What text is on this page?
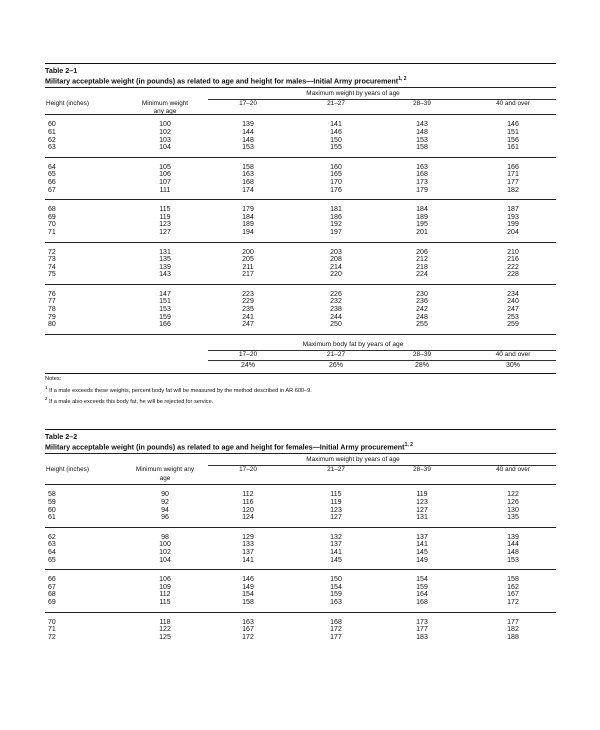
Table 2–1
Military acceptable weight (in pounds) as related to age and height for males—Initial Army procurement$^{1, 2}$
Maximum weight by years of age
Height (inches)	Minimum weight
any age
17–20	21–27	28–39	40 and over
60	100	139	141	143	146
61	102	144	146	148	151
62	103	148	150	153	156
63	104	153	155	158	161
64	105	158	160	163	166
65	106	163	165	168	171
66	107	168	170	173	177
67	111	174	176	179	182
68	115	179	181	184	187
69	119	184	186	189	193
70	123	189	192	195	199
71	127	194	197	201	204
72	131	200	203	206	210
73	135	205	208	212	216
74	139	211	214	218	222
75	143	217	220	224	228
76	147	223	226	230	234
77	151	229	232	236	240
78	153	235	238	242	247
79	159	241	244	248	253
80	166	247	250	255	259
Maximum body fat by years of age
17–20	21–27	28–39	40 and over
24%	26%	28%	30%
Notes:
$^1$ If a male exceeds these weights, percent body fat will be measured by the method described in AR 600–9.
$^2$ If a male also exceeds this body fat, he will be rejected for service.
Table 2–2
Military acceptable weight (in pounds) as related to age and height for females—Initial Army procurement$^{1, 2}$
Maximum weight by years of age
Height (inches)	Minimum weight any
age
17–20	21–27	28–39	40 and over
58	90	112	115	119	122
59	92	116	119	123	126
60	94	120	123	127	130
61	96	124	127	131	135
62	98	129	132	137	139
63	100	133	137	141	144
64	102	137	141	145	148
65	104	141	145	149	153
66	106	146	150	154	158
67	109	149	154	159	162
68	112	154	159	164	167
69	115	158	163	168	172
70	118	163	168	173	177
71	122	167	172	177	182
72	125	172	177	183	188
